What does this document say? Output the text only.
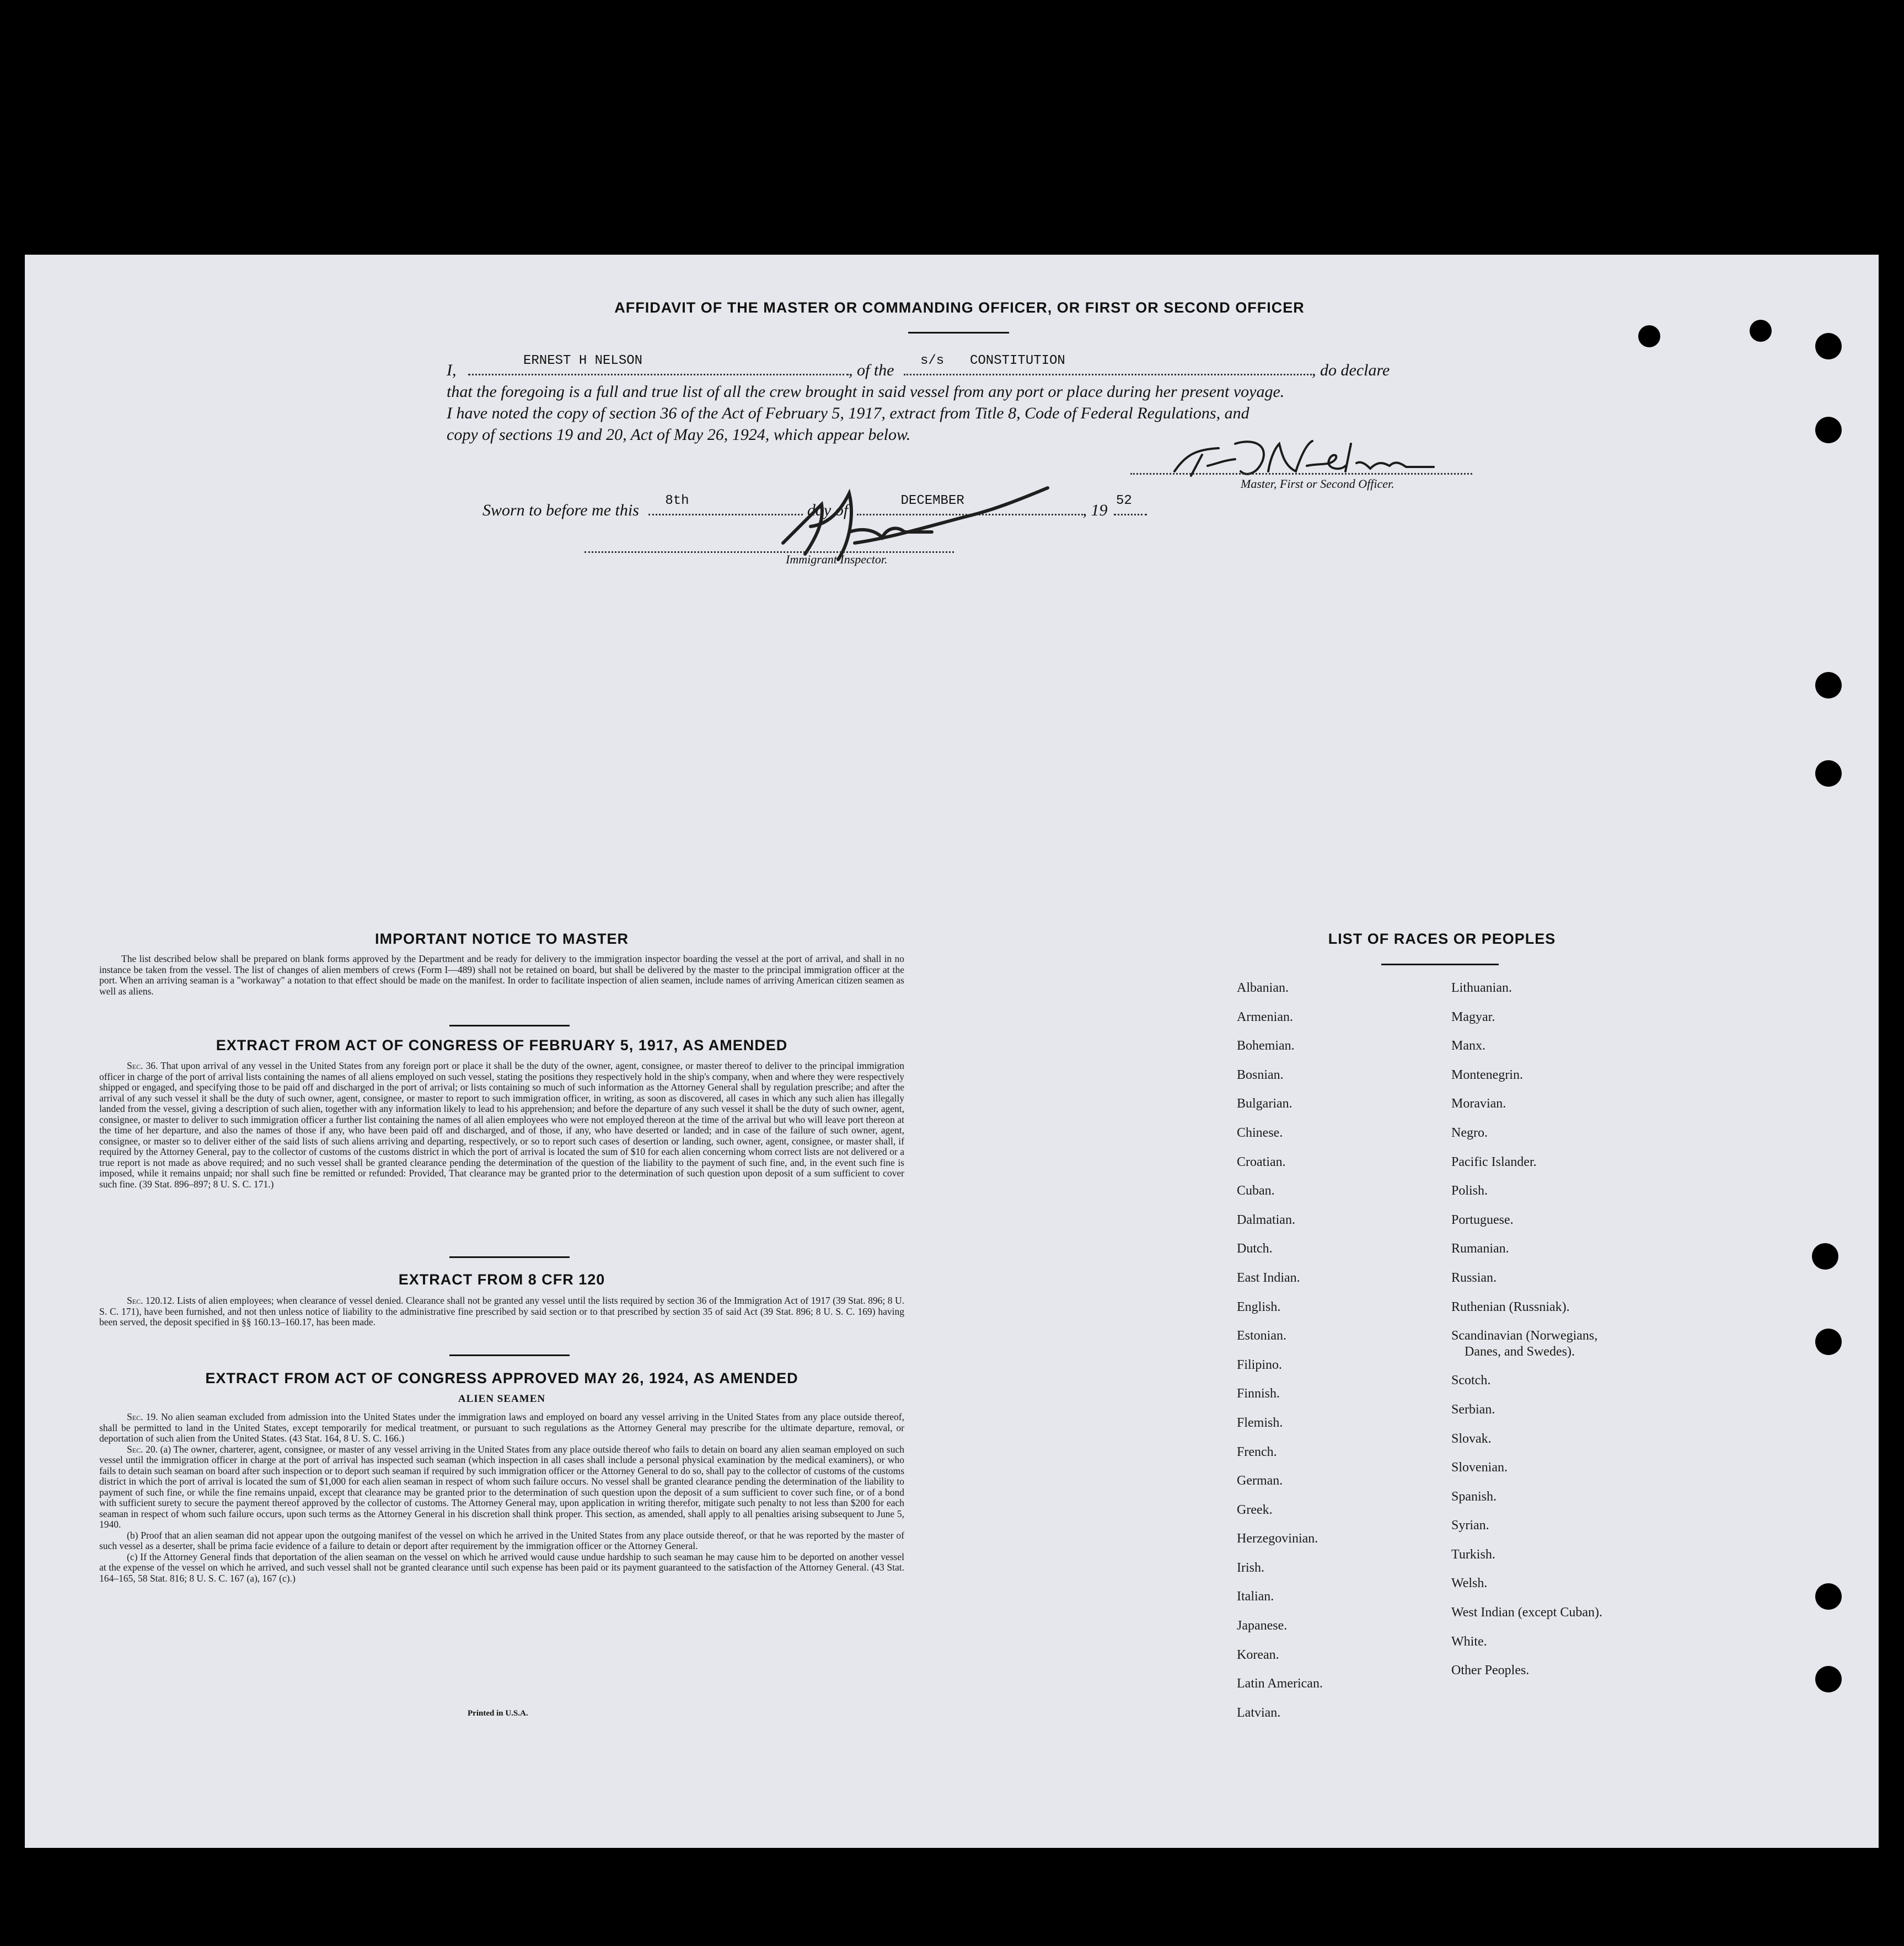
AFFIDAVIT OF THE MASTER OR COMMANDING OFFICER, OR FIRST OR SECOND OFFICER
I,
ERNEST H NELSON
, of the
s/s CONSTITUTION
, do declare
that the foregoing is a full and true list of all the crew brought in said vessel from any port or place during her present voyage.
I have noted the copy of section 36 of the Act of February 5, 1917, extract from Title 8, Code of Federal Regulations, and
copy of sections 19 and 20, Act of May 26, 1924, which appear below.
Master, First or Second Officer.
Sworn to before me this
8th
day of
DECEMBER
, 19
52
Immigrant Inspector.
IMPORTANT NOTICE TO MASTER

The list described below shall be prepared on blank forms approved by the Department and be ready for delivery to the immigration inspector boarding the vessel at the port of arrival, and shall in no instance be taken from the vessel. The list of changes of alien members of crews (Form I—489) shall not be retained on board, but shall be delivered by the master to the principal immigration officer at the port. When an arriving seaman is a "workaway" a notation to that effect should be made on the manifest. In order to facilitate inspection of alien seamen, include names of arriving American citizen seamen as well as aliens.

EXTRACT FROM ACT OF CONGRESS OF FEBRUARY 5, 1917, AS AMENDED

Sec. 36. That upon arrival of any vessel in the United States from any foreign port or place it shall be the duty of the owner, agent, consignee, or master thereof to deliver to the principal immigration officer in charge of the port of arrival lists containing the names of all aliens employed on such vessel, stating the positions they respectively hold in the ship's company, when and where they were respectively shipped or engaged, and specifying those to be paid off and discharged in the port of arrival; or lists containing so much of such information as the Attorney General shall by regulation prescribe; and after the arrival of any such vessel it shall be the duty of such owner, agent, consignee, or master to report to such immigration officer, in writing, as soon as discovered, all cases in which any such alien has illegally landed from the vessel, giving a description of such alien, together with any information likely to lead to his apprehension; and before the departure of any such vessel it shall be the duty of such owner, agent, consignee, or master to deliver to such immigration officer a further list containing the names of all alien employees who were not employed thereon at the time of the arrival but who will leave port thereon at the time of her departure, and also the names of those if any, who have been paid off and discharged, and of those, if any, who have deserted or landed; and in case of the failure of such owner, agent, consignee, or master so to deliver either of the said lists of such aliens arriving and departing, respectively, or so to report such cases of desertion or landing, such owner, agent, consignee, or master shall, if required by the Attorney General, pay to the collector of customs of the customs district in which the port of arrival is located the sum of $10 for each alien concerning whom correct lists are not delivered or a true report is not made as above required; and no such vessel shall be granted clearance pending the determination of the question of the liability to the payment of such fine, and, in the event such fine is imposed, while it remains unpaid; nor shall such fine be remitted or refunded: Provided, That clearance may be granted prior to the determination of such question upon deposit of a sum sufficient to cover such fine. (39 Stat. 896–897; 8 U. S. C. 171.)

EXTRACT FROM 8 CFR 120

Sec. 120.12. Lists of alien employees; when clearance of vessel denied. Clearance shall not be granted any vessel until the lists required by section 36 of the Immigration Act of 1917 (39 Stat. 896; 8 U. S. C. 171), have been furnished, and not then unless notice of liability to the administrative fine prescribed by said section or to that prescribed by section 35 of said Act (39 Stat. 896; 8 U. S. C. 169) having been served, the deposit specified in §§ 160.13–160.17, has been made.

EXTRACT FROM ACT OF CONGRESS APPROVED MAY 26, 1924, AS AMENDED
ALIEN SEAMEN

Sec. 19. No alien seaman excluded from admission into the United States under the immigration laws and employed on board any vessel arriving in the United States from any place outside thereof, shall be permitted to land in the United States, except temporarily for medical treatment, or pursuant to such regulations as the Attorney General may prescribe for the ultimate departure, removal, or deportation of such alien from the United States. (43 Stat. 164, 8 U. S. C. 166.)

Sec. 20. (a) The owner, charterer, agent, consignee, or master of any vessel arriving in the United States from any place outside thereof who fails to detain on board any alien seaman employed on such vessel until the immigration officer in charge at the port of arrival has inspected such seaman (which inspection in all cases shall include a personal physical examination by the medical examiners), or who fails to detain such seaman on board after such inspection or to deport such seaman if required by such immigration officer or the Attorney General to do so, shall pay to the collector of customs of the customs district in which the port of arrival is located the sum of $1,000 for each alien seaman in respect of whom such failure occurs. No vessel shall be granted clearance pending the determination of the liability to payment of such fine, or while the fine remains unpaid, except that clearance may be granted prior to the determination of such question upon the deposit of a sum sufficient to cover such fine, or of a bond with sufficient surety to secure the payment thereof approved by the collector of customs. The Attorney General may, upon application in writing therefor, mitigate such penalty to not less than $200 for each seaman in respect of whom such failure occurs, upon such terms as the Attorney General in his discretion shall think proper. This section, as amended, shall apply to all penalties arising subsequent to June 5, 1940.

(b) Proof that an alien seaman did not appear upon the outgoing manifest of the vessel on which he arrived in the United States from any place outside thereof, or that he was reported by the master of such vessel as a deserter, shall be prima facie evidence of a failure to detain or deport after requirement by the immigration officer or the Attorney General.

(c) If the Attorney General finds that deportation of the alien seaman on the vessel on which he arrived would cause undue hardship to such seaman he may cause him to be deported on another vessel at the expense of the vessel on which he arrived, and such vessel shall not be granted clearance until such expense has been paid or its payment guaranteed to the satisfaction of the Attorney General. (43 Stat. 164–165, 58 Stat. 816; 8 U. S. C. 167 (a), 167 (c).)

Printed in U.S.A.
LIST OF RACES OR PEOPLES
Albanian.
Armenian.
Bohemian.
Bosnian.
Bulgarian.
Chinese.
Croatian.
Cuban.
Dalmatian.
Dutch.
East Indian.
English.
Estonian.
Filipino.
Finnish.
Flemish.
French.
German.
Greek.
Herzegovinian.
Irish.
Italian.
Japanese.
Korean.
Latin American.
Latvian.
Lithuanian.
Magyar.
Manx.
Montenegrin.
Moravian.
Negro.
Pacific Islander.
Polish.
Portuguese.
Rumanian.
Russian.
Ruthenian (Russniak).
Scandinavian (Norwegians,
Danes, and Swedes).
Scotch.
Serbian.
Slovak.
Slovenian.
Spanish.
Syrian.
Turkish.
Welsh.
West Indian (except Cuban).
White.
Other Peoples.
